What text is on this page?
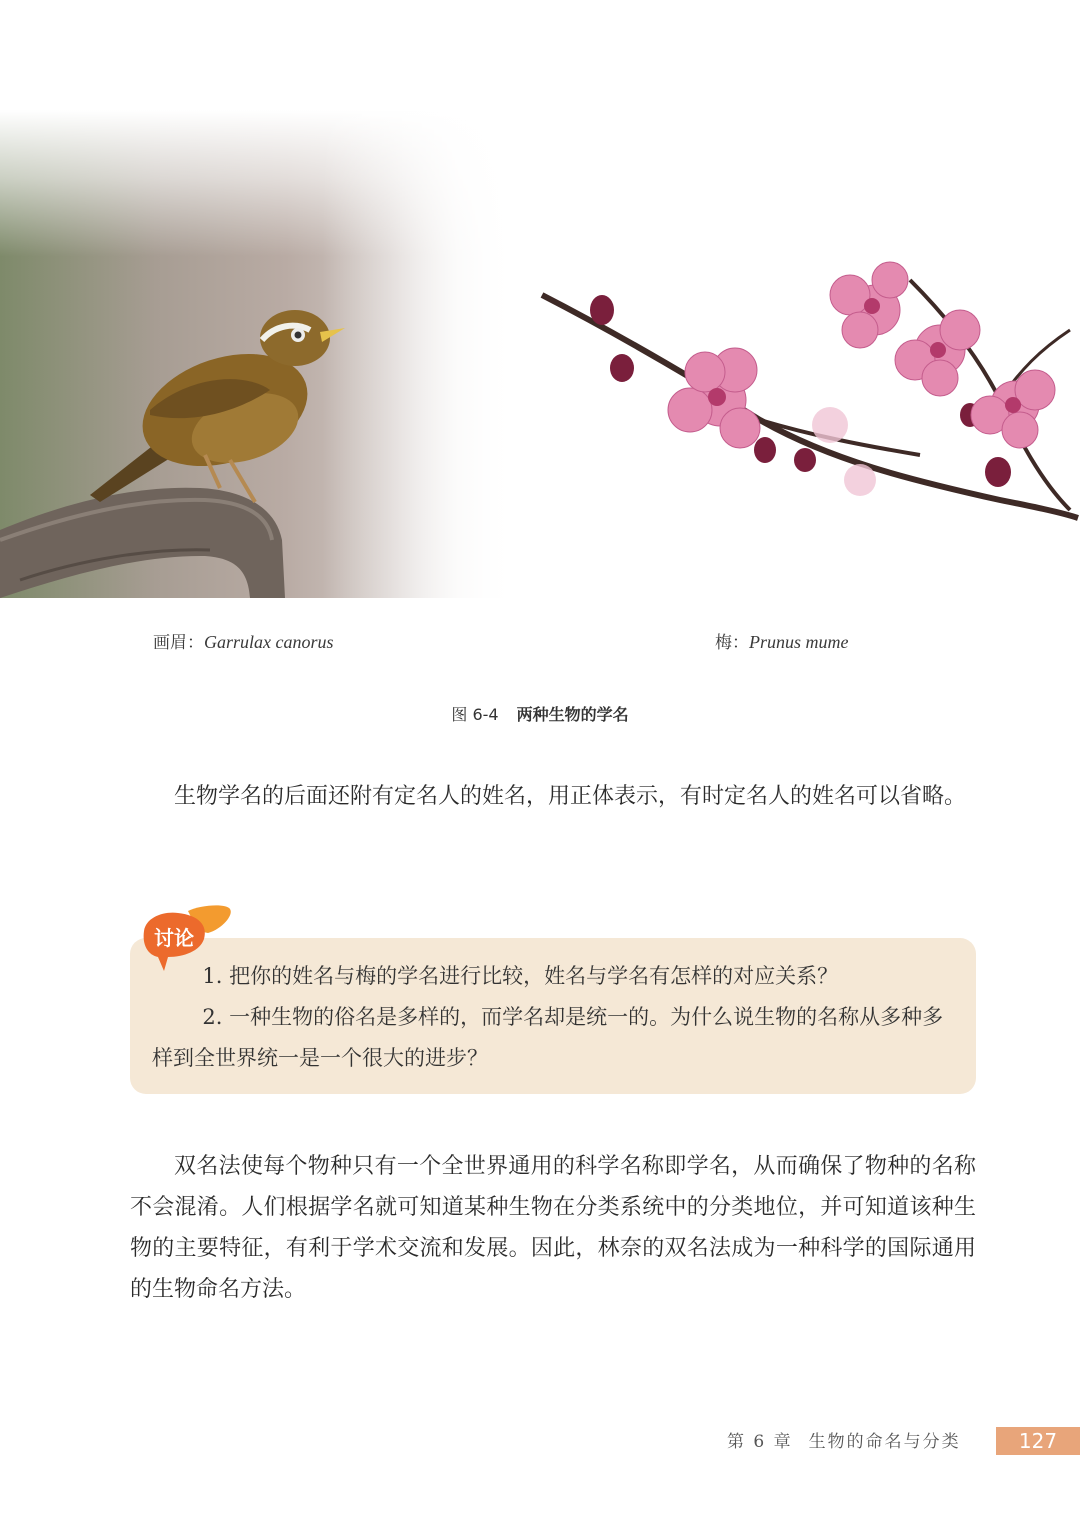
画眉：Garrulax canorus	梅：Prunus mume
图 6-4 两种生物的学名
生物学名的后面还附有定名人的姓名，用正体表示，有时定名人的姓名可以省略。
讨论
1. 把你的姓名与梅的学名进行比较，姓名与学名有怎样的对应关系？
2. 一种生物的俗名是多样的，而学名却是统一的。为什么说生物的名称从多种多样到全世界统一是一个很大的进步？
双名法使每个物种只有一个全世界通用的科学名称即学名，从而确保了物种的名称不会混淆。人们根据学名就可知道某种生物在分类系统中的分类地位，并可知道该种生物的主要特征，有利于学术交流和发展。因此，林奈的双名法成为一种科学的国际通用的生物命名方法。
第 6 章 生物的命名与分类	127
